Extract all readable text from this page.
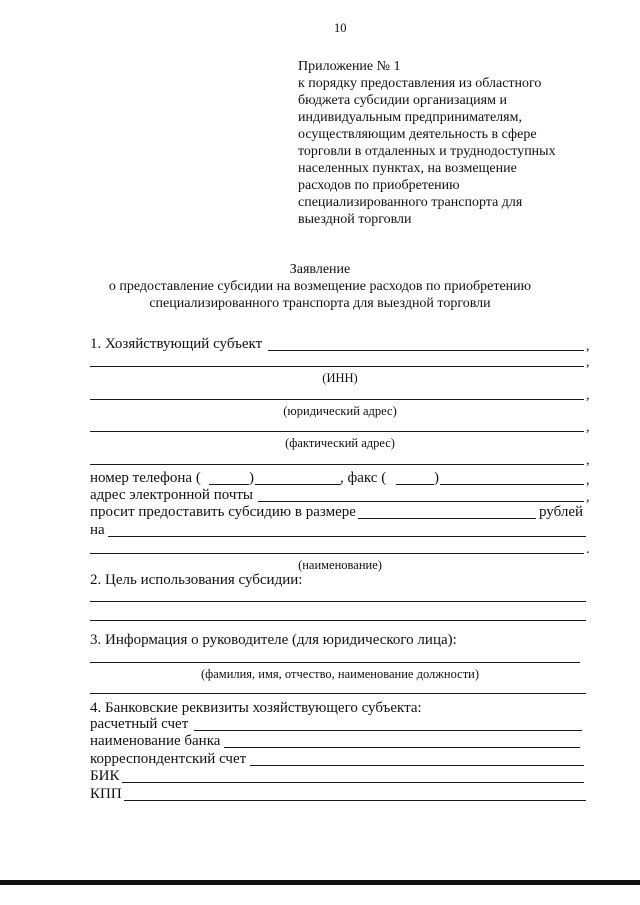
10
Приложение № 1
к порядку предоставления из областного
бюджета субсидии организациям и
индивидуальным предпринимателям,
осуществляющим деятельность в сфере
торговли в отдаленных и труднодоступных
населенных пунктах, на возмещение
расходов по приобретению
специализированного транспорта для
выездной торговли
Заявление
о предоставление субсидии на возмещение расходов по приобретению
специализированного транспорта для выездной торговли
1. Хозяйствующий субъект	,
,
(ИНН)
,
(юридический адрес)
,
(фактический адрес)
,
номер телефона (	)	, факс (	)	,
адрес электронной почты	,
просит предоставить субсидию в размере	рублей
на
.
(наименование)
2. Цель использования субсидии:
3. Информация о руководителе (для юридического лица):
(фамилия, имя, отчество, наименование должности)
4. Банковские реквизиты хозяйствующего субъекта:
расчетный счет
наименование банка
корреспондентский счет
БИК
КПП
